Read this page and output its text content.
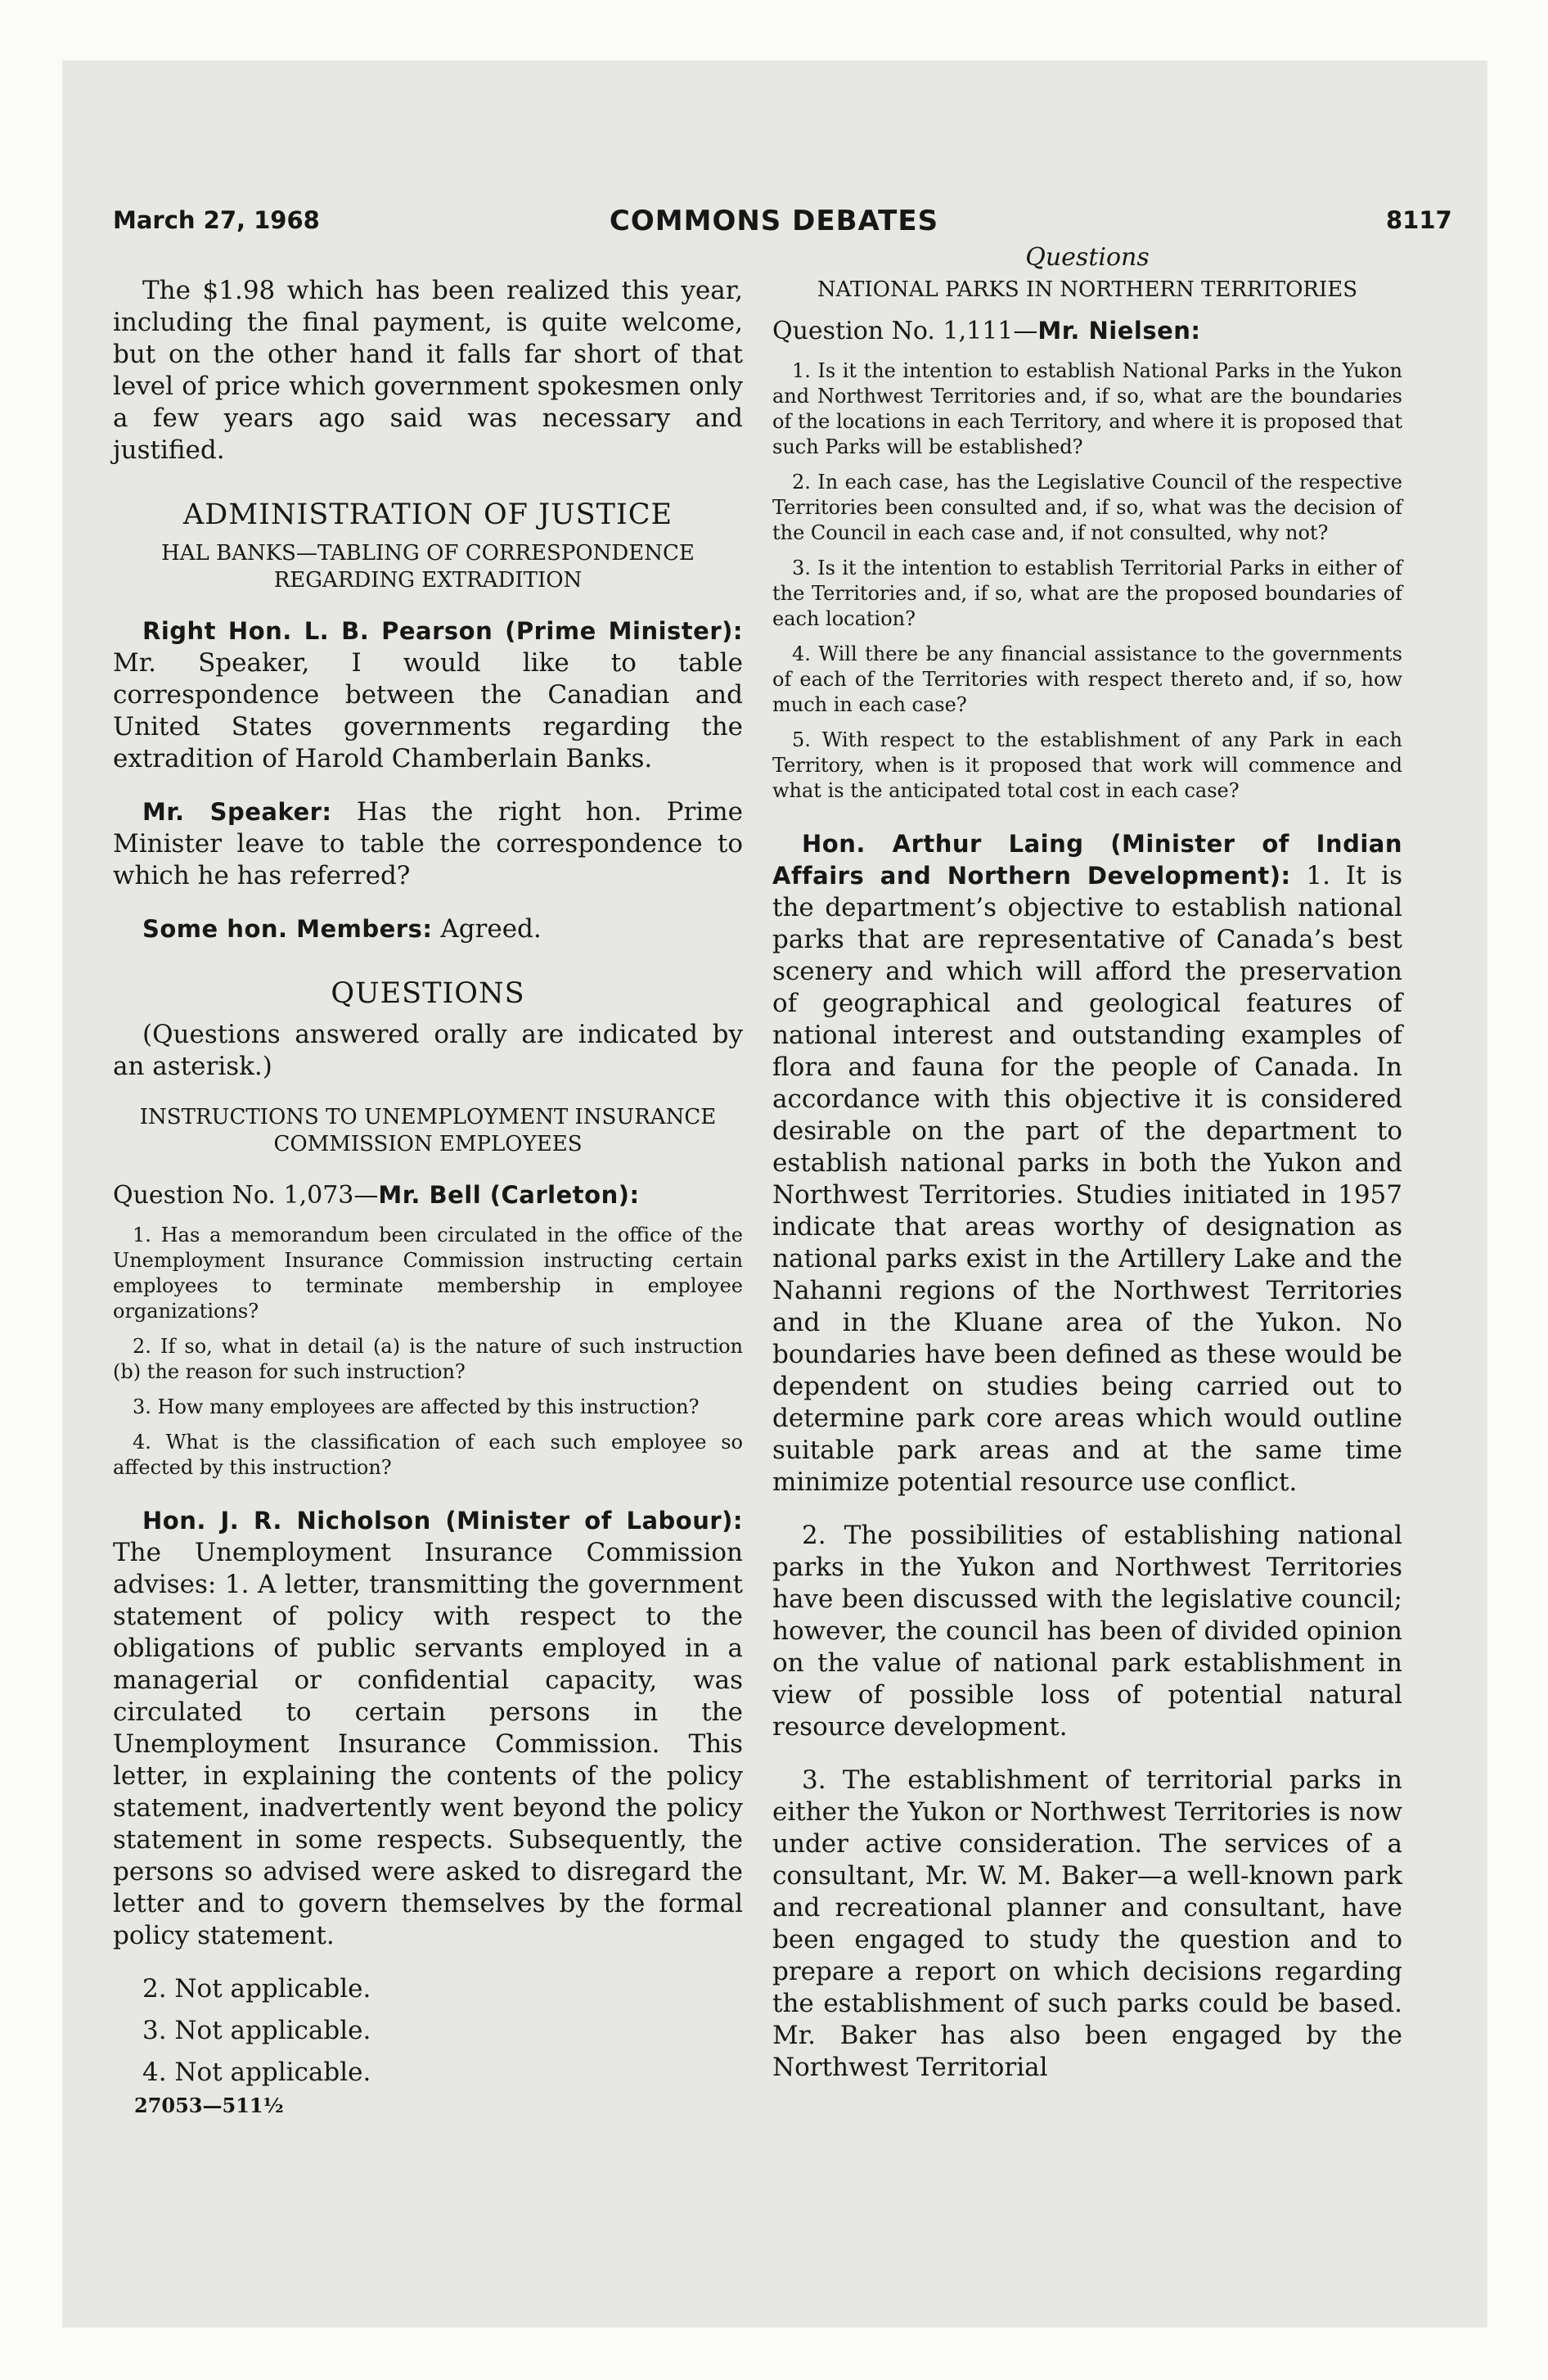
March 27, 1968	COMMONS DEBATES	8117

The $1.98 which has been realized this year, including the final payment, is quite welcome, but on the other hand it falls far short of that level of price which government spokesmen only a few years ago said was necessary and justified.

ADMINISTRATION OF JUSTICE
HAL BANKS—TABLING OF CORRESPONDENCE REGARDING EXTRADITION

Right Hon. L. B. Pearson (Prime Minister): Mr. Speaker, I would like to table correspondence between the Canadian and United States governments regarding the extradition of Harold Chamberlain Banks.

Mr. Speaker: Has the right hon. Prime Minister leave to table the correspondence to which he has referred?

Some hon. Members: Agreed.

QUESTIONS

(Questions answered orally are indicated by an asterisk.)

INSTRUCTIONS TO UNEMPLOYMENT INSURANCE COMMISSION EMPLOYEES
Question No. 1,073—Mr. Bell (Carleton):

1. Has a memorandum been circulated in the office of the Unemployment Insurance Commission instructing certain employees to terminate membership in employee organizations?

2. If so, what in detail (a) is the nature of such instruction (b) the reason for such instruction?

3. How many employees are affected by this instruction?

4. What is the classification of each such employee so affected by this instruction?

Hon. J. R. Nicholson (Minister of Labour): The Unemployment Insurance Commission advises: 1. A letter, transmitting the government statement of policy with respect to the obligations of public servants employed in a managerial or confidential capacity, was circulated to certain persons in the Unemployment Insurance Commission. This letter, in explaining the contents of the policy statement, inadvertently went beyond the policy statement in some respects. Subsequently, the persons so advised were asked to disregard the letter and to govern themselves by the formal policy statement.

2. Not applicable.

3. Not applicable.

4. Not applicable.

27053—511½
Questions
NATIONAL PARKS IN NORTHERN TERRITORIES
Question No. 1,111—Mr. Nielsen:

1. Is it the intention to establish National Parks in the Yukon and Northwest Territories and, if so, what are the boundaries of the locations in each Territory, and where it is proposed that such Parks will be established?

2. In each case, has the Legislative Council of the respective Territories been consulted and, if so, what was the decision of the Council in each case and, if not consulted, why not?

3. Is it the intention to establish Territorial Parks in either of the Territories and, if so, what are the proposed boundaries of each location?

4. Will there be any financial assistance to the governments of each of the Territories with respect thereto and, if so, how much in each case?

5. With respect to the establishment of any Park in each Territory, when is it proposed that work will commence and what is the anticipated total cost in each case?

Hon. Arthur Laing (Minister of Indian Affairs and Northern Development): 1. It is the department’s objective to establish national parks that are representative of Canada’s best scenery and which will afford the preservation of geographical and geological features of national interest and outstanding examples of flora and fauna for the people of Canada. In accordance with this objective it is considered desirable on the part of the department to establish national parks in both the Yukon and Northwest Territories. Studies initiated in 1957 indicate that areas worthy of designation as national parks exist in the Artillery Lake and the Nahanni regions of the Northwest Territories and in the Kluane area of the Yukon. No boundaries have been defined as these would be dependent on studies being carried out to determine park core areas which would outline suitable park areas and at the same time minimize potential resource use conflict.

2. The possibilities of establishing national parks in the Yukon and Northwest Territories have been discussed with the legislative council; however, the council has been of divided opinion on the value of national park establishment in view of possible loss of potential natural resource development.

3. The establishment of territorial parks in either the Yukon or Northwest Territories is now under active consideration. The services of a consultant, Mr. W. M. Baker—a well-known park and recreational planner and consultant, have been engaged to study the question and to prepare a report on which decisions regarding the establishment of such parks could be based. Mr. Baker has also been engaged by the Northwest Territorial
